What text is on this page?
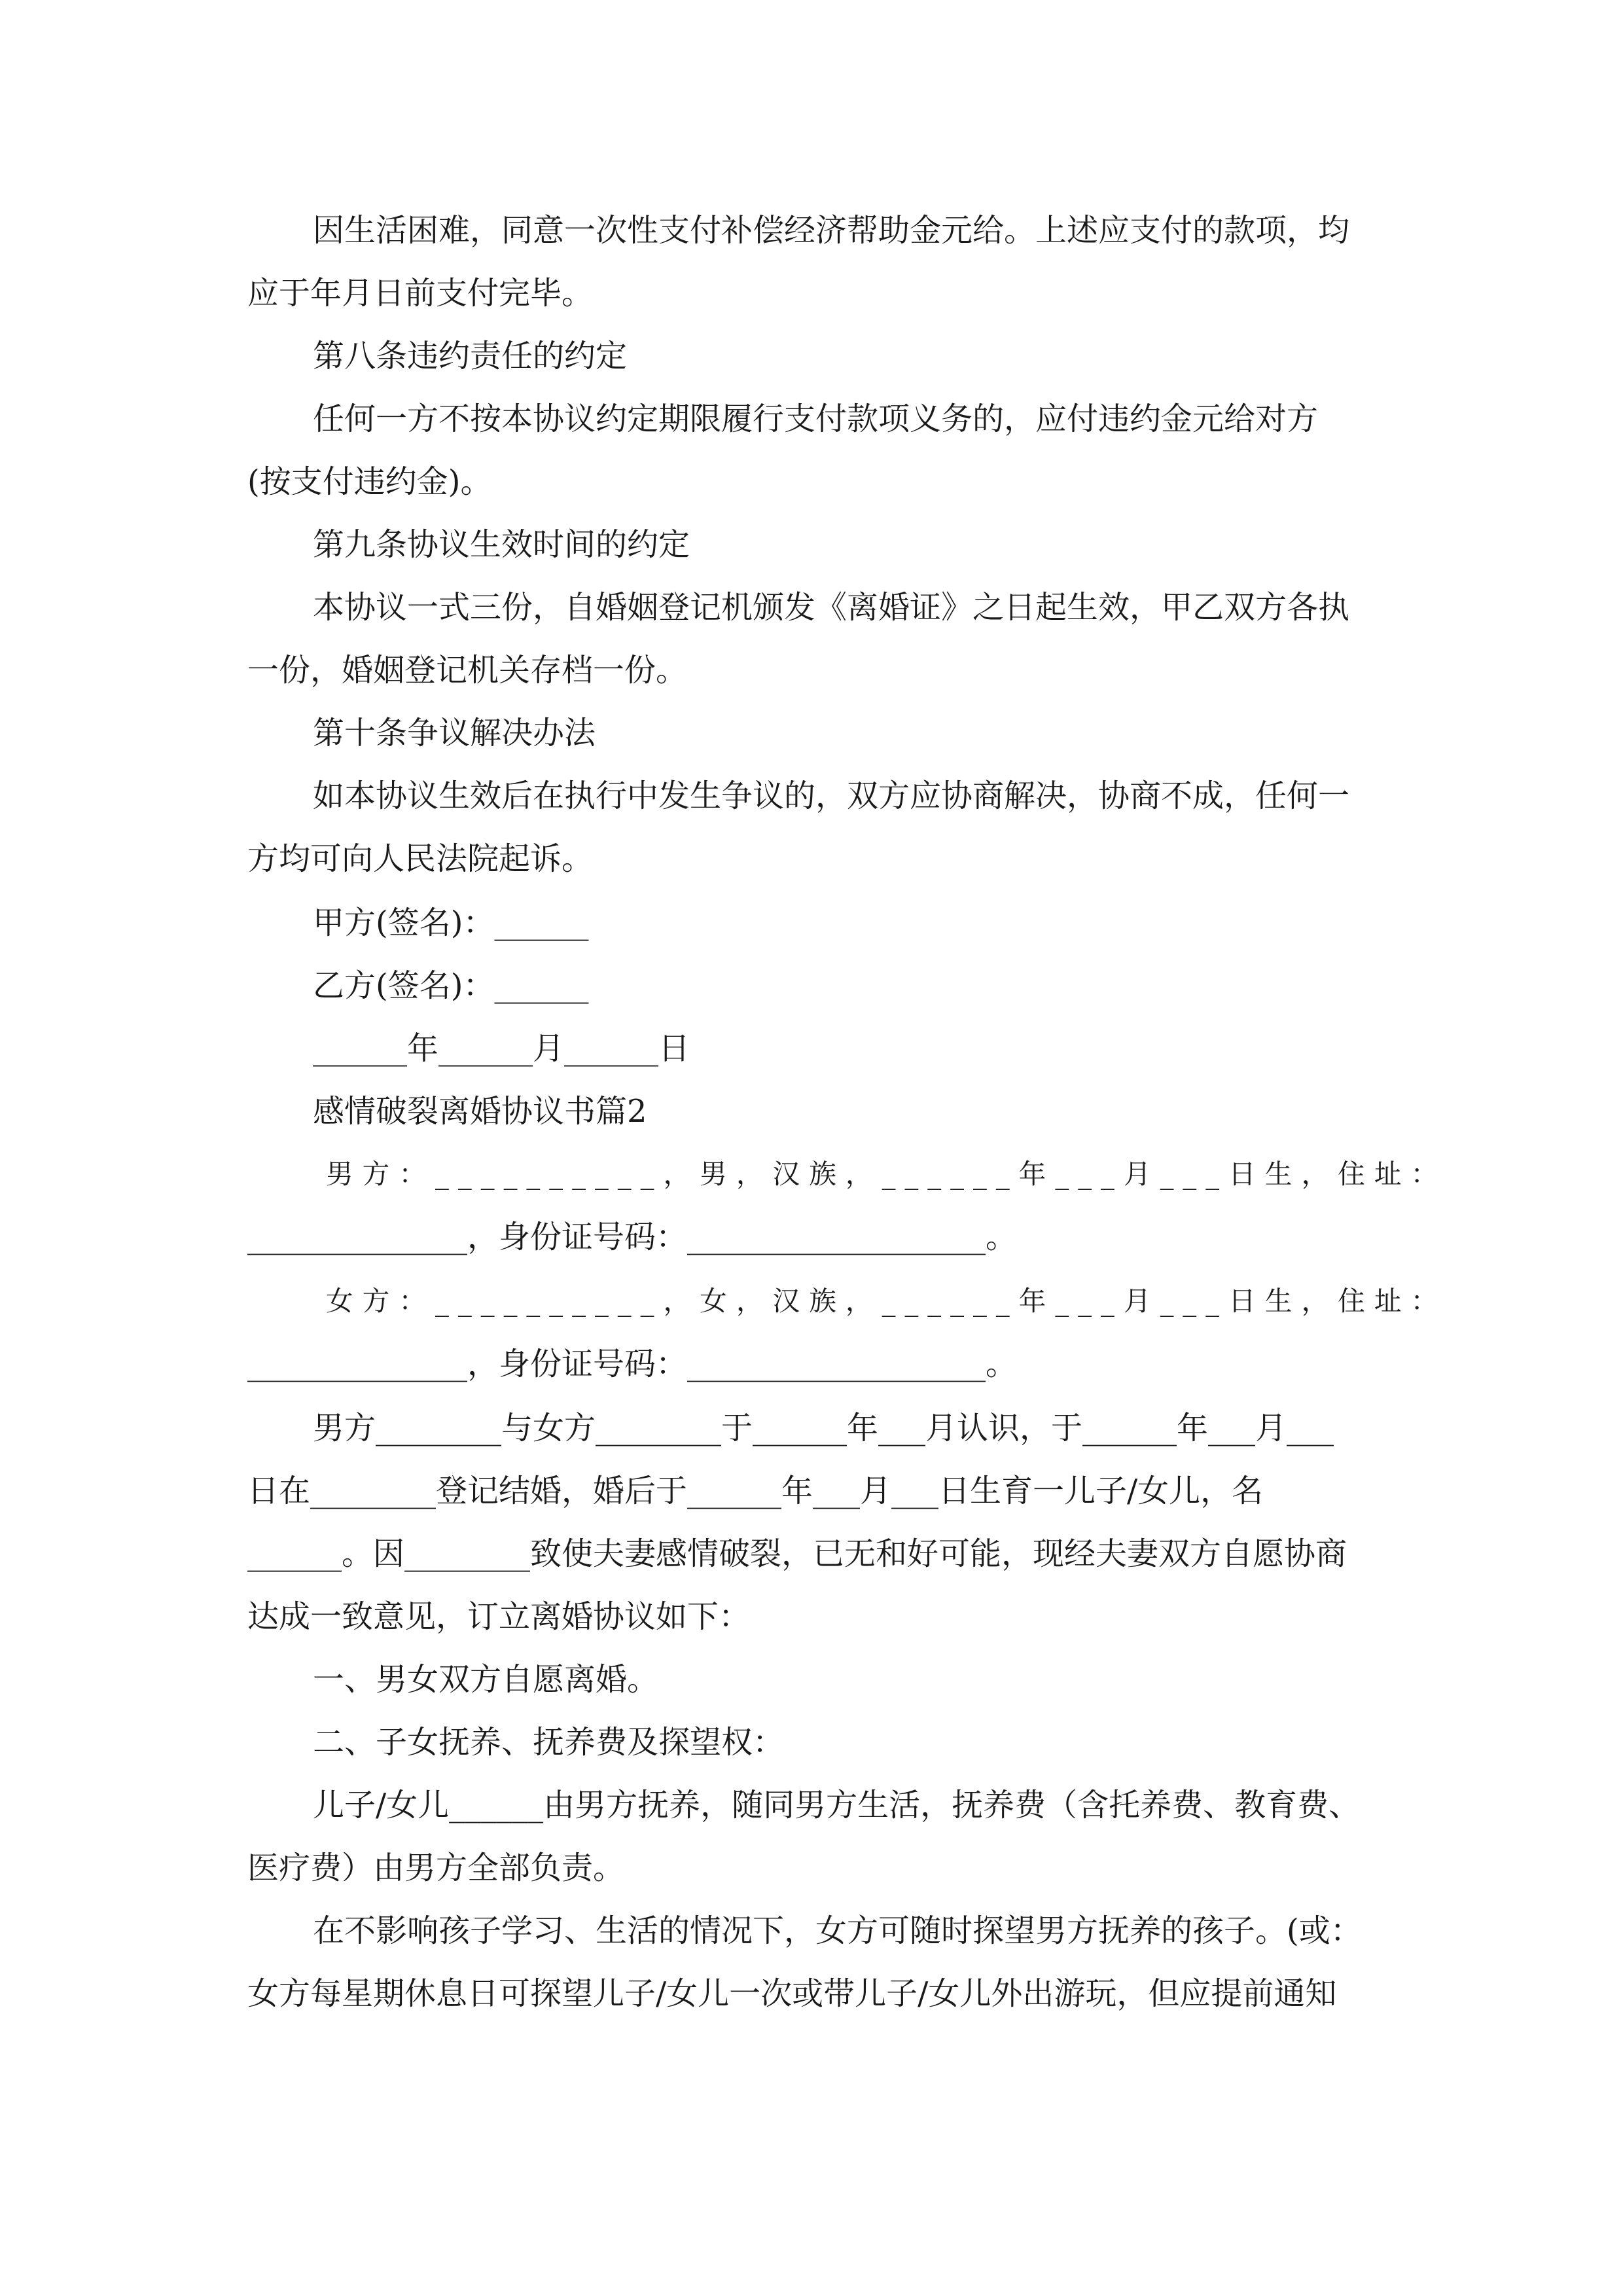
因生活困难，同意一次性支付补偿经济帮助金元给。上述应支付的款项，均
应于年月日前支付完毕。
第八条违约责任的约定
任何一方不按本协议约定期限履行支付款项义务的，应付违约金元给对方
(按支付违约金)。
第九条协议生效时间的约定
本协议一式三份，自婚姻登记机颁发《离婚证》之日起生效，甲乙双方各执
一份，婚姻登记机关存档一份。
第十条争议解决办法
如本协议生效后在执行中发生争议的，双方应协商解决，协商不成，任何一
方均可向人民法院起诉。
甲方(签名)：______
乙方(签名)：______
______年______月______日
感情破裂离婚协议书篇2
男方：__________，男，汉族，______年___月___日生，住址：
______________，身份证号码：___________________。
女方：__________，女，汉族，______年___月___日生，住址：
______________，身份证号码：___________________。
男方________与女方________于______年___月认识，于______年___月___
日在________登记结婚，婚后于______年___月___日生育一儿子/女儿，名
______。因________致使夫妻感情破裂，已无和好可能，现经夫妻双方自愿协商
达成一致意见，订立离婚协议如下：
一、男女双方自愿离婚。
二、子女抚养、抚养费及探望权：
儿子/女儿______由男方抚养，随同男方生活，抚养费（含托养费、教育费、
医疗费）由男方全部负责。
在不影响孩子学习、生活的情况下，女方可随时探望男方抚养的孩子。(或：
女方每星期休息日可探望儿子/女儿一次或带儿子/女儿外出游玩，但应提前通知
